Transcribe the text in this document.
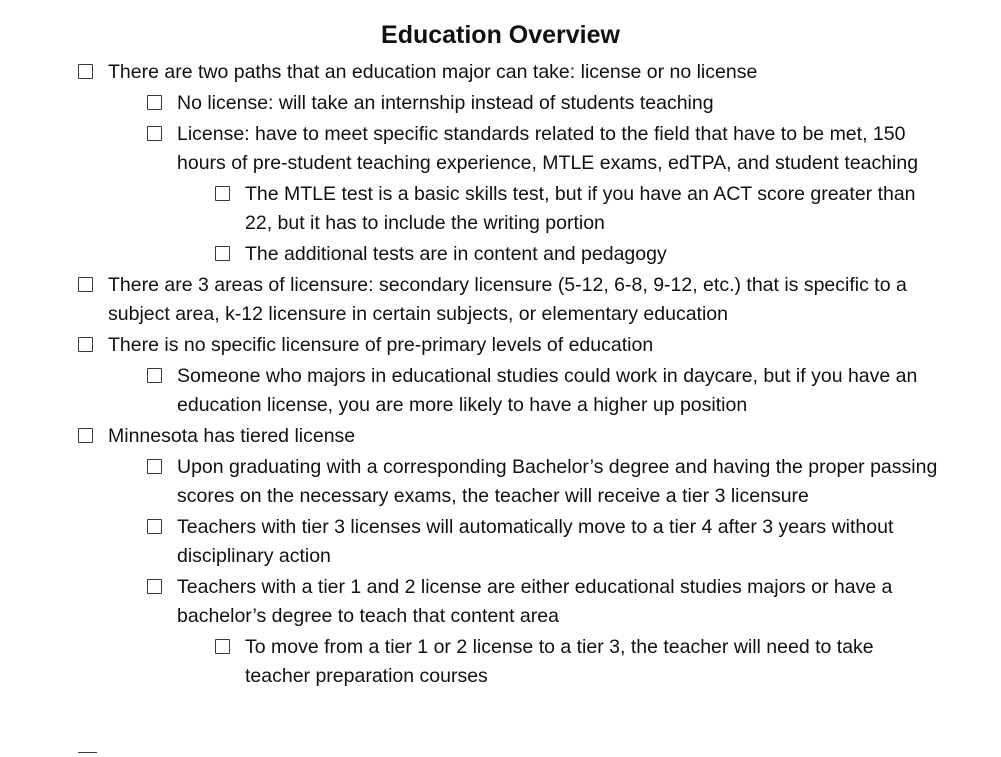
Education Overview
There are two paths that an education major can take: license or no license
No license: will take an internship instead of students teaching
License: have to meet specific standards related to the field that have to be met, 150 hours of pre-student teaching experience, MTLE exams, edTPA, and student teaching
The MTLE test is a basic skills test, but if you have an ACT score greater than 22, but it has to include the writing portion
The additional tests are in content and pedagogy
There are 3 areas of licensure: secondary licensure (5-12, 6-8, 9-12, etc.) that is specific to a subject area, k-12 licensure in certain subjects, or elementary education
There is no specific licensure of pre-primary levels of education
Someone who majors in educational studies could work in daycare, but if you have an education license, you are more likely to have a higher up position
Minnesota has tiered license
Upon graduating with a corresponding Bachelor’s degree and having the proper passing scores on the necessary exams, the teacher will receive a tier 3 licensure
Teachers with tier 3 licenses will automatically move to a tier 4 after 3 years without disciplinary action
Teachers with a tier 1 and 2 license are either educational studies majors or have a bachelor’s degree to teach that content area
To move from a tier 1 or 2 license to a tier 3, the teacher will need to take teacher preparation courses
